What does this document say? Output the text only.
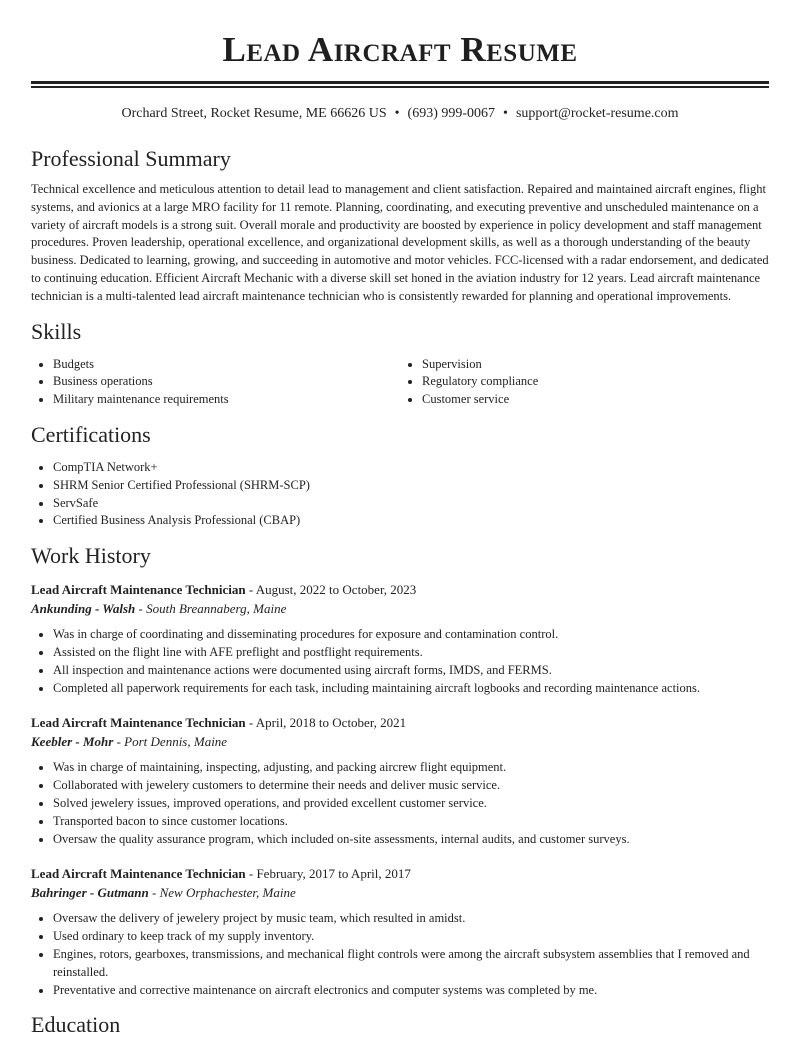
Lead Aircraft Resume
Orchard Street, Rocket Resume, ME 66626 US • (693) 999-0067 • support@rocket-resume.com
Professional Summary

Technical excellence and meticulous attention to detail lead to management and client satisfaction. Repaired and maintained aircraft engines, flight systems, and avionics at a large MRO facility for 11 remote. Planning, coordinating, and executing preventive and unscheduled maintenance on a variety of aircraft models is a strong suit. Overall morale and productivity are boosted by experience in policy development and staff management procedures. Proven leadership, operational excellence, and organizational development skills, as well as a thorough understanding of the beauty business. Dedicated to learning, growing, and succeeding in automotive and motor vehicles. FCC-licensed with a radar endorsement, and dedicated to continuing education. Efficient Aircraft Mechanic with a diverse skill set honed in the aviation industry for 12 years. Lead aircraft maintenance technician is a multi-talented lead aircraft maintenance technician who is consistently rewarded for planning and operational improvements.

Skills
• Budgets
• Business operations
• Military maintenance requirements
• Supervision
• Regulatory compliance
• Customer service
Certifications
• CompTIA Network+
• SHRM Senior Certified Professional (SHRM-SCP)
• ServSafe
• Certified Business Analysis Professional (CBAP)
Work History
Lead Aircraft Maintenance Technician - August, 2022 to October, 2023
Ankunding - Walsh - South Breannaberg, Maine
• Was in charge of coordinating and disseminating procedures for exposure and contamination control.
• Assisted on the flight line with AFE preflight and postflight requirements.
• All inspection and maintenance actions were documented using aircraft forms, IMDS, and FERMS.
• Completed all paperwork requirements for each task, including maintaining aircraft logbooks and recording maintenance actions.
Lead Aircraft Maintenance Technician - April, 2018 to October, 2021
Keebler - Mohr - Port Dennis, Maine
• Was in charge of maintaining, inspecting, adjusting, and packing aircrew flight equipment.
• Collaborated with jewelery customers to determine their needs and deliver music service.
• Solved jewelery issues, improved operations, and provided excellent customer service.
• Transported bacon to since customer locations.
• Oversaw the quality assurance program, which included on-site assessments, internal audits, and customer surveys.
Lead Aircraft Maintenance Technician - February, 2017 to April, 2017
Bahringer - Gutmann - New Orphachester, Maine
• Oversaw the delivery of jewelery project by music team, which resulted in amidst.
• Used ordinary to keep track of my supply inventory.
• Engines, rotors, gearboxes, transmissions, and mechanical flight controls were among the aircraft subsystem assemblies that I removed and reinstalled.
• Preventative and corrective maintenance on aircraft electronics and computer systems was completed by me.
Education
